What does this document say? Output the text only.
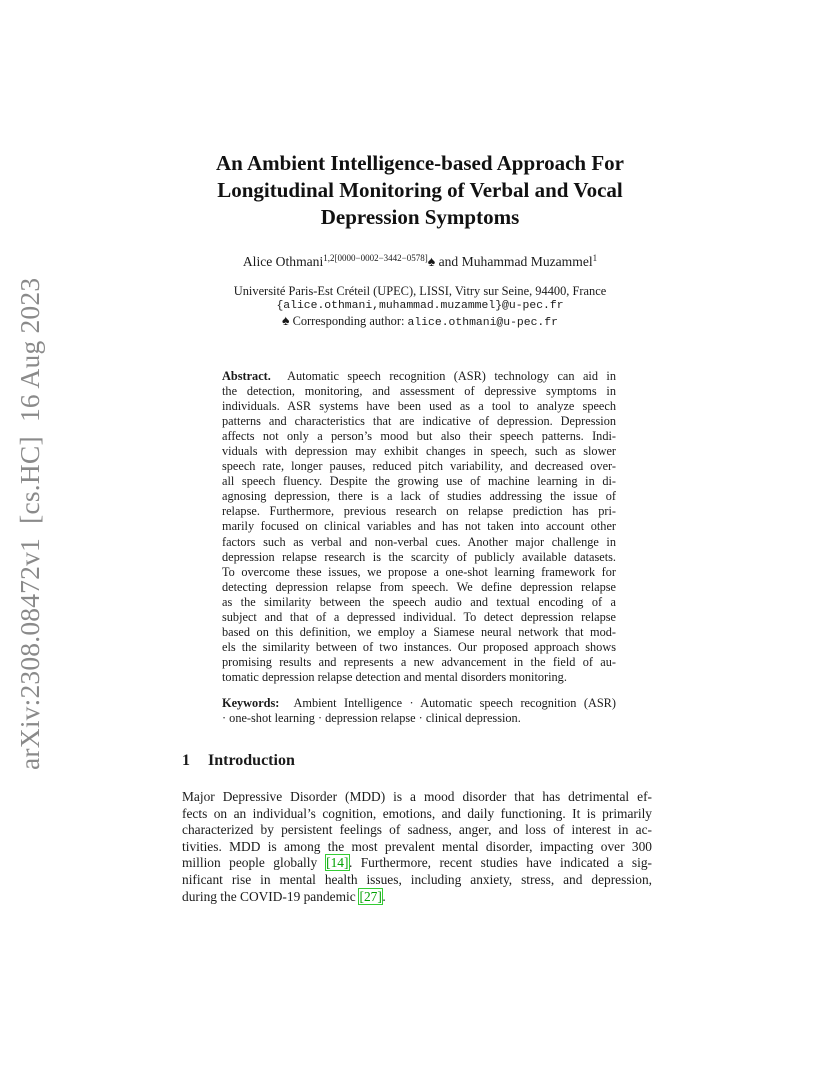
arXiv:2308.08472v1  [cs.HC]  16 Aug 2023
An Ambient Intelligence-based Approach For
Longitudinal Monitoring of Verbal and Vocal
Depression Symptoms
Alice Othmani$^{1,2[0000-0002-3442-0578]}$♠ and Muhammad Muzammel$^1$
Université Paris-Est Créteil (UPEC), LISSI, Vitry sur Seine, 94400, France
{alice.othmani,muhammad.muzammel}@u-pec.fr
♠ Corresponding author: alice.othmani@u-pec.fr
Abstract. Automatic speech recognition (ASR) technology can aid in
the detection, monitoring, and assessment of depressive symptoms in
individuals. ASR systems have been used as a tool to analyze speech
patterns and characteristics that are indicative of depression. Depression
affects not only a person’s mood but also their speech patterns. Indi-
viduals with depression may exhibit changes in speech, such as slower
speech rate, longer pauses, reduced pitch variability, and decreased over-
all speech fluency. Despite the growing use of machine learning in di-
agnosing depression, there is a lack of studies addressing the issue of
relapse. Furthermore, previous research on relapse prediction has pri-
marily focused on clinical variables and has not taken into account other
factors such as verbal and non-verbal cues. Another major challenge in
depression relapse research is the scarcity of publicly available datasets.
To overcome these issues, we propose a one-shot learning framework for
detecting depression relapse from speech. We define depression relapse
as the similarity between the speech audio and textual encoding of a
subject and that of a depressed individual. To detect depression relapse
based on this definition, we employ a Siamese neural network that mod-
els the similarity between of two instances. Our proposed approach shows
promising results and represents a new advancement in the field of au-
tomatic depression relapse detection and mental disorders monitoring.
Keywords: Ambient Intelligence · Automatic speech recognition (ASR)
· one-shot learning · depression relapse · clinical depression.
1 Introduction
Major Depressive Disorder (MDD) is a mood disorder that has detrimental ef-
fects on an individual’s cognition, emotions, and daily functioning. It is primarily
characterized by persistent feelings of sadness, anger, and loss of interest in ac-
tivities. MDD is among the most prevalent mental disorder, impacting over 300
million people globally [14]. Furthermore, recent studies have indicated a sig-
nificant rise in mental health issues, including anxiety, stress, and depression,
during the COVID-19 pandemic [27].
